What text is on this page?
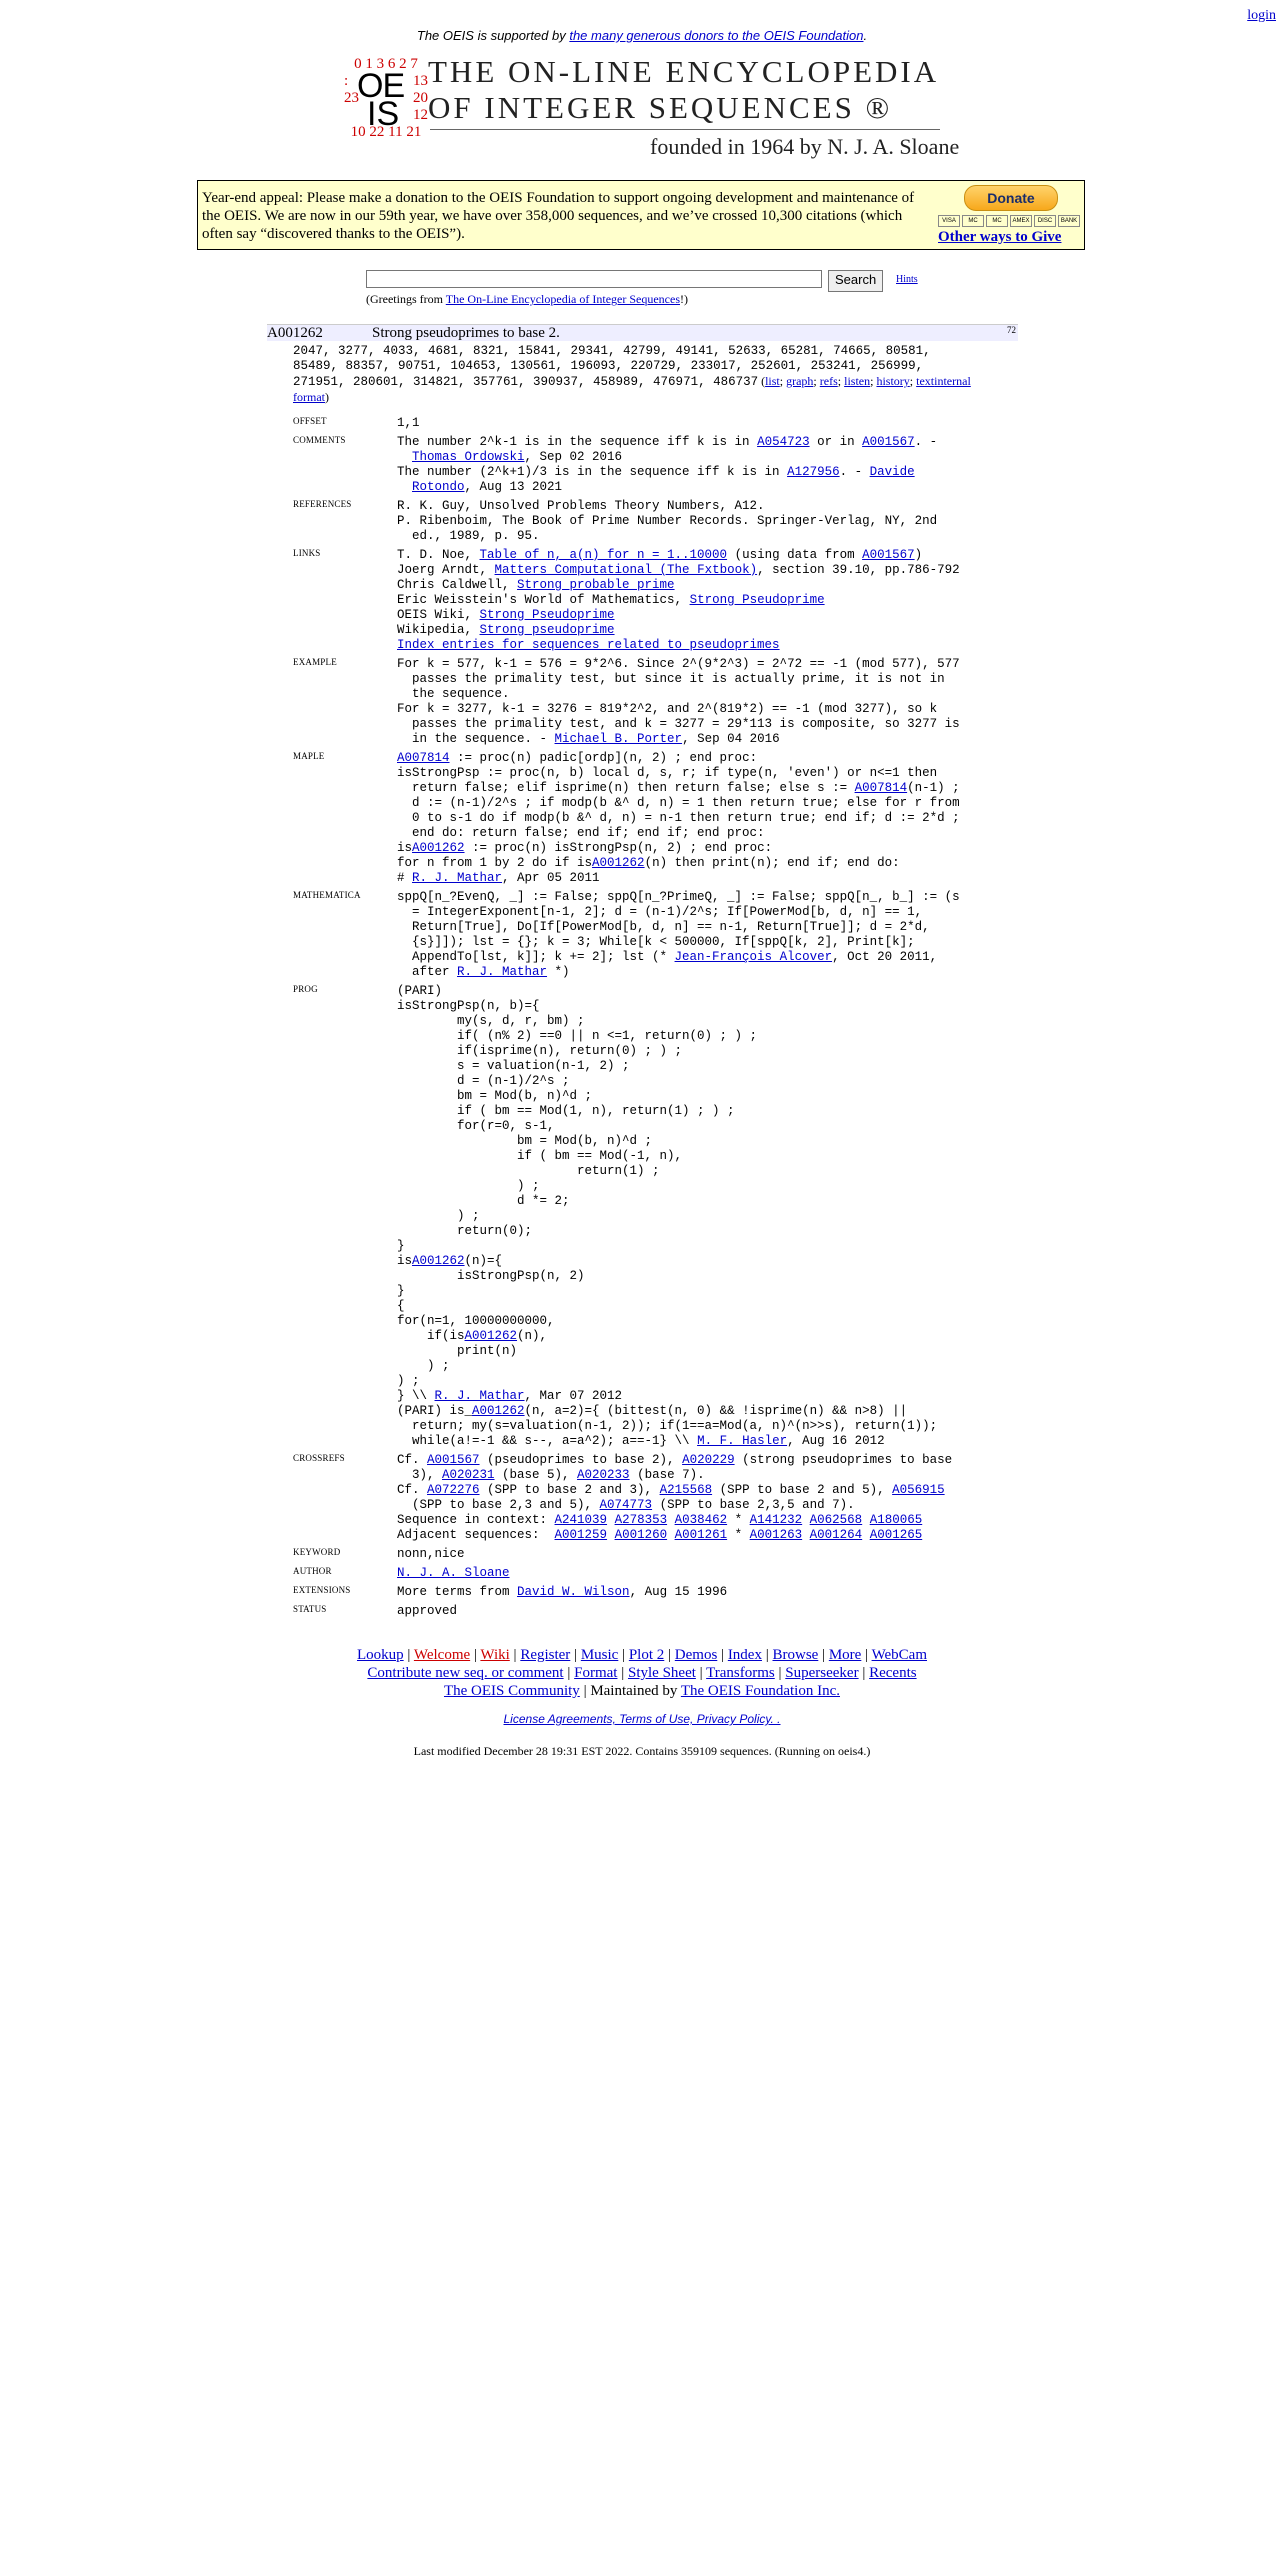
login
The OEIS is supported by the many generous donors to the OEIS Foundation.
0 1 3 6 2 7
:	13
23	20
12
10 22 11 21
OE
IS
THE ON-LINE ENCYCLOPEDIA
OF INTEGER SEQUENCES ®
founded in 1964 by N. J. A. Sloane
Year-end appeal: Please make a donation to the OEIS Foundation to support ongoing development and maintenance of the OEIS. We are now in our 59th year, we have over 358,000 sequences, and we’ve crossed 10,300 citations (which often say “discovered thanks to the OEIS”).
Donate
VISA	MC	MC	AMEX	DISC	BANK
Other ways to Give
Search	Hints
(Greetings from The On-Line Encyclopedia of Integer Sequences!)
A001262	Strong pseudoprimes to base 2.	72
2047, 3277, 4033, 4681, 8321, 15841, 29341, 42799, 49141, 52633, 65281, 74665, 80581,
85489, 88357, 90751, 104653, 130561, 196093, 220729, 233017, 252601, 253241, 256999,
271951, 280601, 314821, 357761, 390937, 458989, 476971, 486737 (list; graph; refs; listen; history; textinternal format)
OFFSET	1,1
COMMENTS	The number 2^k-1 is in the sequence iff k is in A054723 or in A001567. -
Thomas Ordowski, Sep 02 2016
The number (2^k+1)/3 is in the sequence iff k is in A127956. - Davide
Rotondo, Aug 13 2021
REFERENCES	R. K. Guy, Unsolved Problems Theory Numbers, A12.
P. Ribenboim, The Book of Prime Number Records. Springer-Verlag, NY, 2nd
ed., 1989, p. 95.
LINKS	T. D. Noe, Table of n, a(n) for n = 1..10000 (using data from A001567)
Joerg Arndt, Matters Computational (The Fxtbook), section 39.10, pp.786-792
Chris Caldwell, Strong probable prime
Eric Weisstein's World of Mathematics, Strong Pseudoprime
OEIS Wiki, Strong Pseudoprime
Wikipedia, Strong pseudoprime
Index entries for sequences related to pseudoprimes
EXAMPLE	For k = 577, k-1 = 576 = 9*2^6. Since 2^(9*2^3) = 2^72 == -1 (mod 577), 577
passes the primality test, but since it is actually prime, it is not in
the sequence.
For k = 3277, k-1 = 3276 = 819*2^2, and 2^(819*2) == -1 (mod 3277), so k
passes the primality test, and k = 3277 = 29*113 is composite, so 3277 is
in the sequence. - Michael B. Porter, Sep 04 2016
MAPLE	A007814 := proc(n) padic[ordp](n, 2) ; end proc:
isStrongPsp := proc(n, b) local d, s, r; if type(n, 'even') or n<=1 then
return false; elif isprime(n) then return false; else s := A007814(n-1) ;
d := (n-1)/2^s ; if modp(b &^ d, n) = 1 then return true; else for r from
0 to s-1 do if modp(b &^ d, n) = n-1 then return true; end if; d := 2*d ;
end do: return false; end if; end if; end proc:
isA001262 := proc(n) isStrongPsp(n, 2) ; end proc:
for n from 1 by 2 do if isA001262(n) then print(n); end if; end do:
# R. J. Mathar, Apr 05 2011
MATHEMATICA	sppQ[n_?EvenQ, _] := False; sppQ[n_?PrimeQ, _] := False; sppQ[n_, b_] := (s
= IntegerExponent[n-1, 2]; d = (n-1)/2^s; If[PowerMod[b, d, n] == 1,
Return[True], Do[If[PowerMod[b, d, n] == n-1, Return[True]]; d = 2*d,
{s}]]); lst = {}; k = 3; While[k < 500000, If[sppQ[k, 2], Print[k];
AppendTo[lst, k]]; k += 2]; lst (* Jean-François Alcover, Oct 20 2011,
after R. J. Mathar *)
PROG	(PARI)
isStrongPsp(n, b)={
my(s, d, r, bm) ;
if( (n% 2) ==0 || n <=1, return(0) ; ) ;
if(isprime(n), return(0) ; ) ;
s = valuation(n-1, 2) ;
d = (n-1)/2^s ;
bm = Mod(b, n)^d ;
if ( bm == Mod(1, n), return(1) ; ) ;
for(r=0, s-1,
bm = Mod(b, n)^d ;
if ( bm == Mod(-1, n),
return(1) ;
) ;
d *= 2;
) ;
return(0);
}
isA001262(n)={
isStrongPsp(n, 2)
}
{
for(n=1, 10000000000,
if(isA001262(n),
print(n)
) ;
) ;
} \\ R. J. Mathar, Mar 07 2012
(PARI) is_A001262(n, a=2)={ (bittest(n, 0) && !isprime(n) && n>8) ||
return; my(s=valuation(n-1, 2)); if(1==a=Mod(a, n)^(n>>s), return(1));
while(a!=-1 && s--, a=a^2); a==-1} \\ M. F. Hasler, Aug 16 2012
CROSSREFS	Cf. A001567 (pseudoprimes to base 2), A020229 (strong pseudoprimes to base
3), A020231 (base 5), A020233 (base 7).
Cf. A072276 (SPP to base 2 and 3), A215568 (SPP to base 2 and 5), A056915
(SPP to base 2,3 and 5), A074773 (SPP to base 2,3,5 and 7).
Sequence in context: A241039 A278353 A038462 * A141232 A062568 A180065
Adjacent sequences:  A001259 A001260 A001261 * A001263 A001264 A001265
KEYWORD	nonn,nice
AUTHOR	N. J. A. Sloane
EXTENSIONS	More terms from David W. Wilson, Aug 15 1996
STATUS	approved
Lookup | Welcome | Wiki | Register | Music | Plot 2 | Demos | Index | Browse | More | WebCam
Contribute new seq. or comment | Format | Style Sheet | Transforms | Superseeker | Recents
The OEIS Community | Maintained by The OEIS Foundation Inc.
License Agreements, Terms of Use, Privacy Policy. .
Last modified December 28 19:31 EST 2022. Contains 359109 sequences. (Running on oeis4.)
